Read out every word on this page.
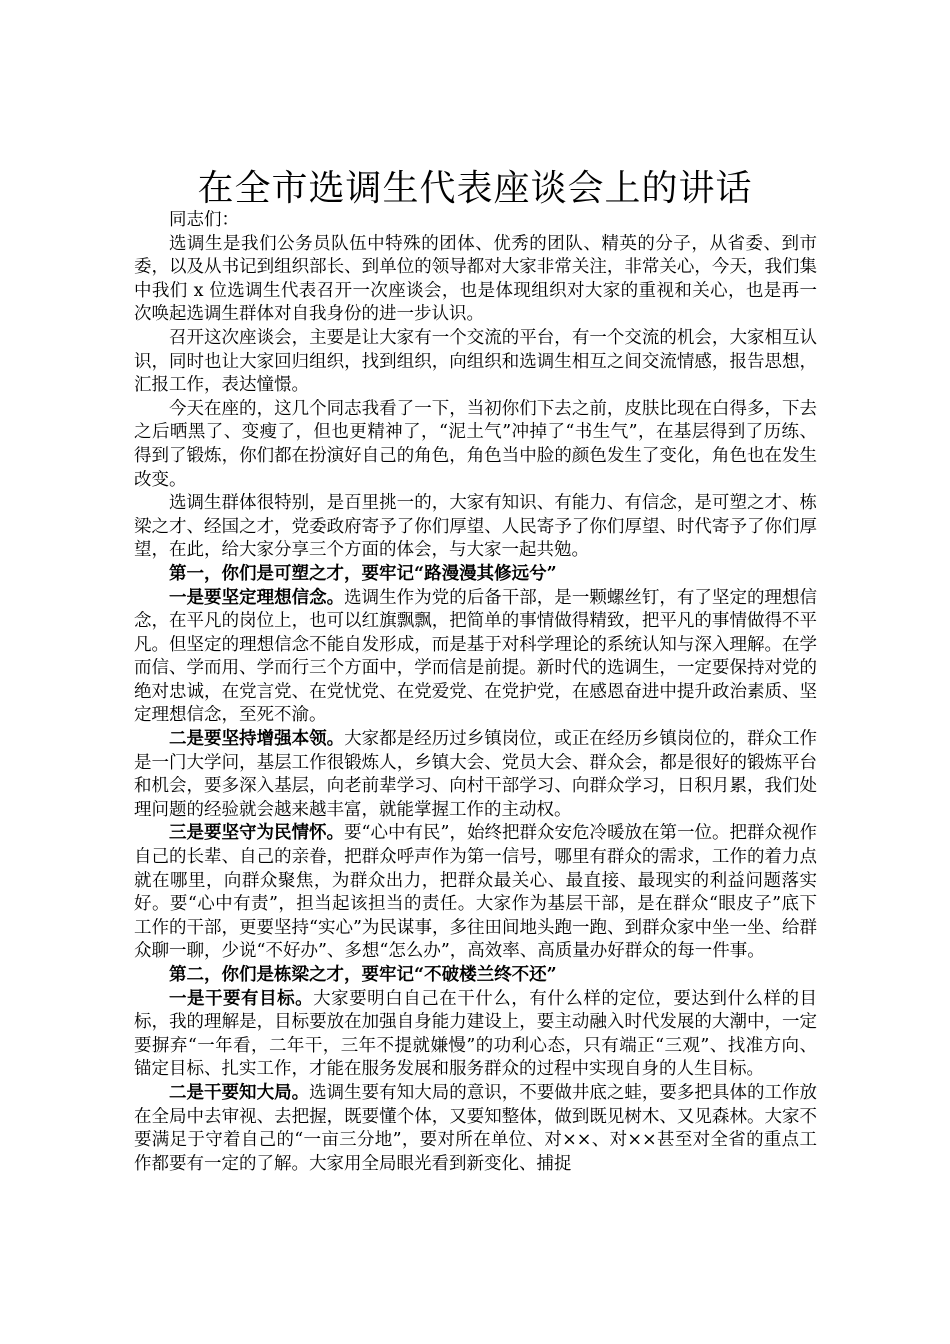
在全市选调生代表座谈会上的讲话

同志们：

选调生是我们公务员队伍中特殊的团体、优秀的团队、精英的分子，从省委、到市委，以及从书记到组织部长、到单位的领导都对大家非常关注，非常关心，今天，我们集中我们 x 位选调生代表召开一次座谈会，也是体现组织对大家的重视和关心，也是再一次唤起选调生群体对自我身份的进一步认识。

召开这次座谈会，主要是让大家有一个交流的平台，有一个交流的机会，大家相互认识，同时也让大家回归组织，找到组织，向组织和选调生相互之间交流情感，报告思想，汇报工作，表达憧憬。

今天在座的，这几个同志我看了一下，当初你们下去之前，皮肤比现在白得多，下去之后晒黑了、变瘦了，但也更精神了，“泥土气”冲掉了“书生气”，在基层得到了历练、得到了锻炼，你们都在扮演好自己的角色，角色当中脸的颜色发生了变化，角色也在发生改变。

选调生群体很特别，是百里挑一的，大家有知识、有能力、有信念，是可塑之才、栋梁之才、经国之才，党委政府寄予了你们厚望、人民寄予了你们厚望、时代寄予了你们厚望，在此，给大家分享三个方面的体会，与大家一起共勉。

第一，你们是可塑之才，要牢记“路漫漫其修远兮”

一是要坚定理想信念。选调生作为党的后备干部，是一颗螺丝钉，有了坚定的理想信念，在平凡的岗位上，也可以红旗飘飘，把简单的事情做得精致，把平凡的事情做得不平凡。但坚定的理想信念不能自发形成，而是基于对科学理论的系统认知与深入理解。在学而信、学而用、学而行三个方面中，学而信是前提。新时代的选调生，一定要保持对党的绝对忠诚，在党言党、在党忧党、在党爱党、在党护党，在感恩奋进中提升政治素质、坚定理想信念，至死不渝。

二是要坚持增强本领。大家都是经历过乡镇岗位，或正在经历乡镇岗位的，群众工作是一门大学问，基层工作很锻炼人，乡镇大会、党员大会、群众会，都是很好的锻炼平台和机会，要多深入基层，向老前辈学习、向村干部学习、向群众学习，日积月累，我们处理问题的经验就会越来越丰富，就能掌握工作的主动权。

三是要坚守为民情怀。要“心中有民”，始终把群众安危冷暖放在第一位。把群众视作自己的长辈、自己的亲眷，把群众呼声作为第一信号，哪里有群众的需求，工作的着力点就在哪里，向群众聚焦，为群众出力，把群众最关心、最直接、最现实的利益问题落实好。要“心中有责”，担当起该担当的责任。大家作为基层干部，是在群众“眼皮子”底下工作的干部，更要坚持“实心”为民谋事，多往田间地头跑一跑、到群众家中坐一坐、给群众聊一聊，少说“不好办”、多想“怎么办”，高效率、高质量办好群众的每一件事。

第二，你们是栋梁之才，要牢记“不破楼兰终不还”

一是干要有目标。大家要明白自己在干什么，有什么样的定位，要达到什么样的目标，我的理解是，目标要放在加强自身能力建设上，要主动融入时代发展的大潮中，一定要摒弃“一年看，二年干，三年不提就嫌慢”的功利心态，只有端正“三观”、找准方向、锚定目标、扎实工作，才能在服务发展和服务群众的过程中实现自身的人生目标。

二是干要知大局。选调生要有知大局的意识，不要做井底之蛙，要多把具体的工作放在全局中去审视、去把握，既要懂个体，又要知整体，做到既见树木、又见森林。大家不要满足于守着自己的“一亩三分地”，要对所在单位、对××、对××甚至对全省的重点工作都要有一定的了解。大家用全局眼光看到新变化、捕捉
